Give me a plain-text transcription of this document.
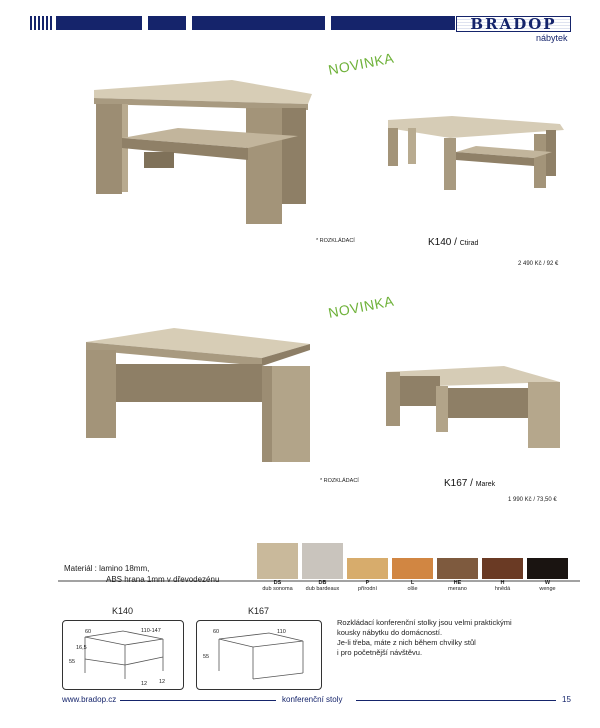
BRADOP
nábytek
NOVINKA
* ROZKLÁDACÍ	K140 / Ctirad
2 490 Kč / 92 €
NOVINKA
* ROZKLÁDACÍ	K167 / Marek
1 990 Kč / 73,50 €
Materiál : lamino 18mm,
ABS hrana 1mm v dřevodezénu	DS
dub sonoma
DB
dub bardeaux
P
přírodní
L
olše
HE
merano
H
hnědá
W
wenge
K140	K167
60	110-147
16,5
55
12 12
60	110
55
Rozkládací konferenční stolky jsou velmi praktickými
kousky nábytku do domácností.
Je-li třeba, máte z nich během chvilky stůl
i pro početnější návštěvu.
www.bradop.cz	konferenční stoly	15
